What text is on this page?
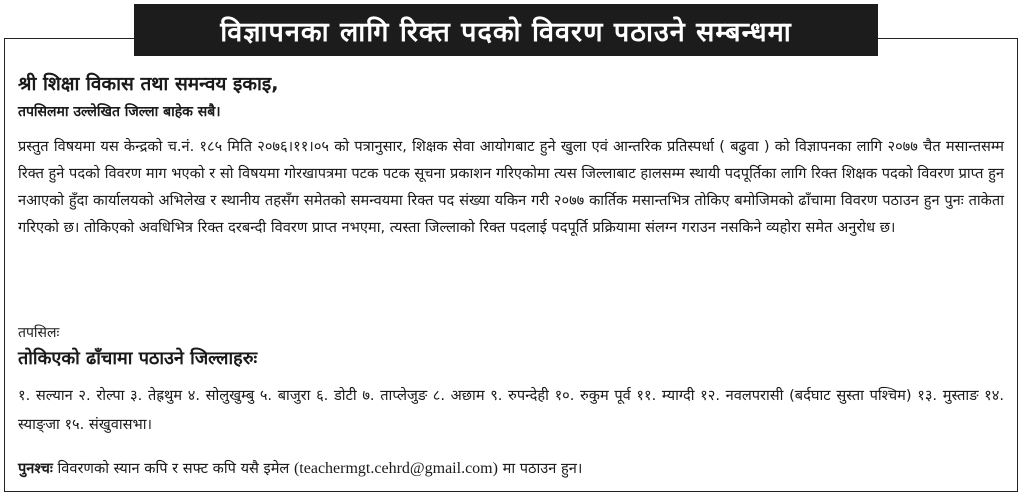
विज्ञापनका लागि रिक्त पदको विवरण पठाउने सम्बन्धमा
श्री शिक्षा विकास तथा समन्वय इकाइ,
तपसिलमा उल्लेखित जिल्ला बाहेक सबै।
प्रस्तुत विषयमा यस केन्द्रको च.नं. १८५ मिति २०७६।११।०५ को पत्रानुसार, शिक्षक सेवा आयोगबाट हुने खुला एवं आन्तरिक प्रतिस्पर्धा ( बढुवा ) को विज्ञापनका लागि २०७७ चैत मसान्तसम्म रिक्त हुने पदको विवरण माग भएको र सो विषयमा गोरखापत्रमा पटक पटक सूचना प्रकाशन गरिएकोमा त्यस जिल्लाबाट हालसम्म स्थायी पदपूर्तिका लागि रिक्त शिक्षक पदको विवरण प्राप्त हुन नआएको हुँदा कार्यालयको अभिलेख र स्थानीय तहसँग समेतको समन्वयमा रिक्त पद संख्या यकिन गरी २०७७ कार्तिक मसान्तभित्र तोकिए बमोजिमको ढाँचामा विवरण पठाउन हुन पुनः ताकेता गरिएको छ। तोकिएको अवधिभित्र रिक्त दरबन्दी विवरण प्राप्त नभएमा, त्यस्ता जिल्लाको रिक्त पदलाई पदपूर्ति प्रक्रियामा संलग्न गराउन नसकिने व्यहोरा समेत अनुरोध छ।
तपसिलः
तोकिएको ढाँचामा पठाउने जिल्लाहरुः
१. सल्यान २. रोल्पा ३. तेह्रथुम ४. सोलुखुम्बु ५. बाजुरा ६. डोटी ७. ताप्लेजुङ ८. अछाम ९. रुपन्देही १०. रुकुम पूर्व ११. म्याग्दी १२. नवलपरासी (बर्दघाट सुस्ता पश्चिम) १३. मुस्ताङ १४. स्याङ्जा १५. संखुवासभा।
पुनश्चः विवरणको स्यान कपि र सफ्ट कपि यसै इमेल (teachermgt.cehrd@gmail.com) मा पठाउन हुन।
